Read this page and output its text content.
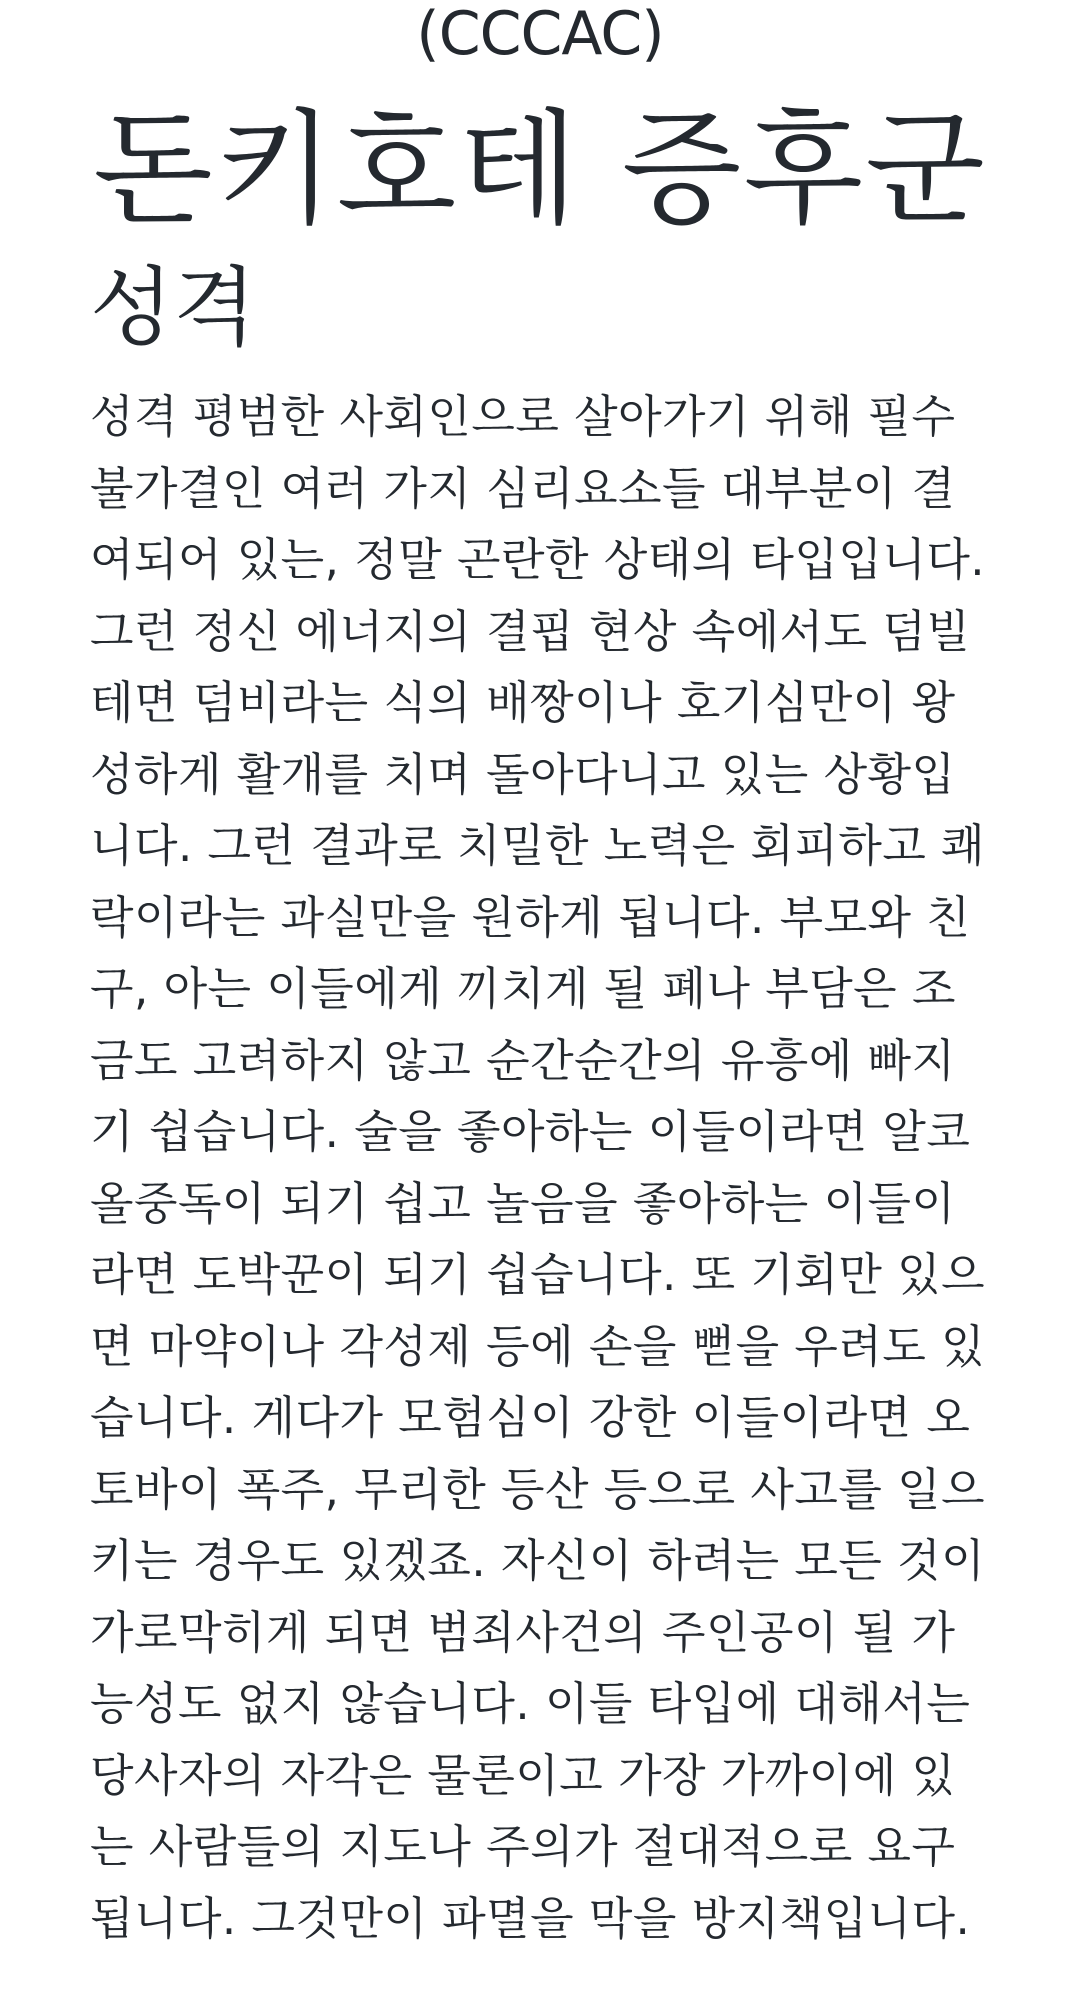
(CCCAC)
돈키호테 증후군
성격

성격 평범한 사회인으로 살아가기 위해 필수불가결인 여러 가지 심리요소들 대부분이 결여되어 있는, 정말 곤란한 상태의 타입입니다. 그런 정신 에너지의 결핍 현상 속에서도 덤빌테면 덤비라는 식의 배짱이나 호기심만이 왕성하게 활개를 치며 돌아다니고 있는 상황입니다. 그런 결과로 치밀한 노력은 회피하고 쾌락이라는 과실만을 원하게 됩니다. 부모와 친구, 아는 이들에게 끼치게 될 폐나 부담은 조금도 고려하지 않고 순간순간의 유흥에 빠지기 쉽습니다. 술을 좋아하는 이들이라면 알코올중독이 되기 쉽고 놀음을 좋아하는 이들이라면 도박꾼이 되기 쉽습니다. 또 기회만 있으면 마약이나 각성제 등에 손을 뻗을 우려도 있습니다. 게다가 모험심이 강한 이들이라면 오토바이 폭주, 무리한 등산 등으로 사고를 일으키는 경우도 있겠죠. 자신이 하려는 모든 것이 가로막히게 되면 범죄사건의 주인공이 될 가능성도 없지 않습니다. 이들 타입에 대해서는 당사자의 자각은 물론이고 가장 가까이에 있는 사람들의 지도나 주의가 절대적으로 요구됩니다. 그것만이 파멸을 막을 방지책입니다.
